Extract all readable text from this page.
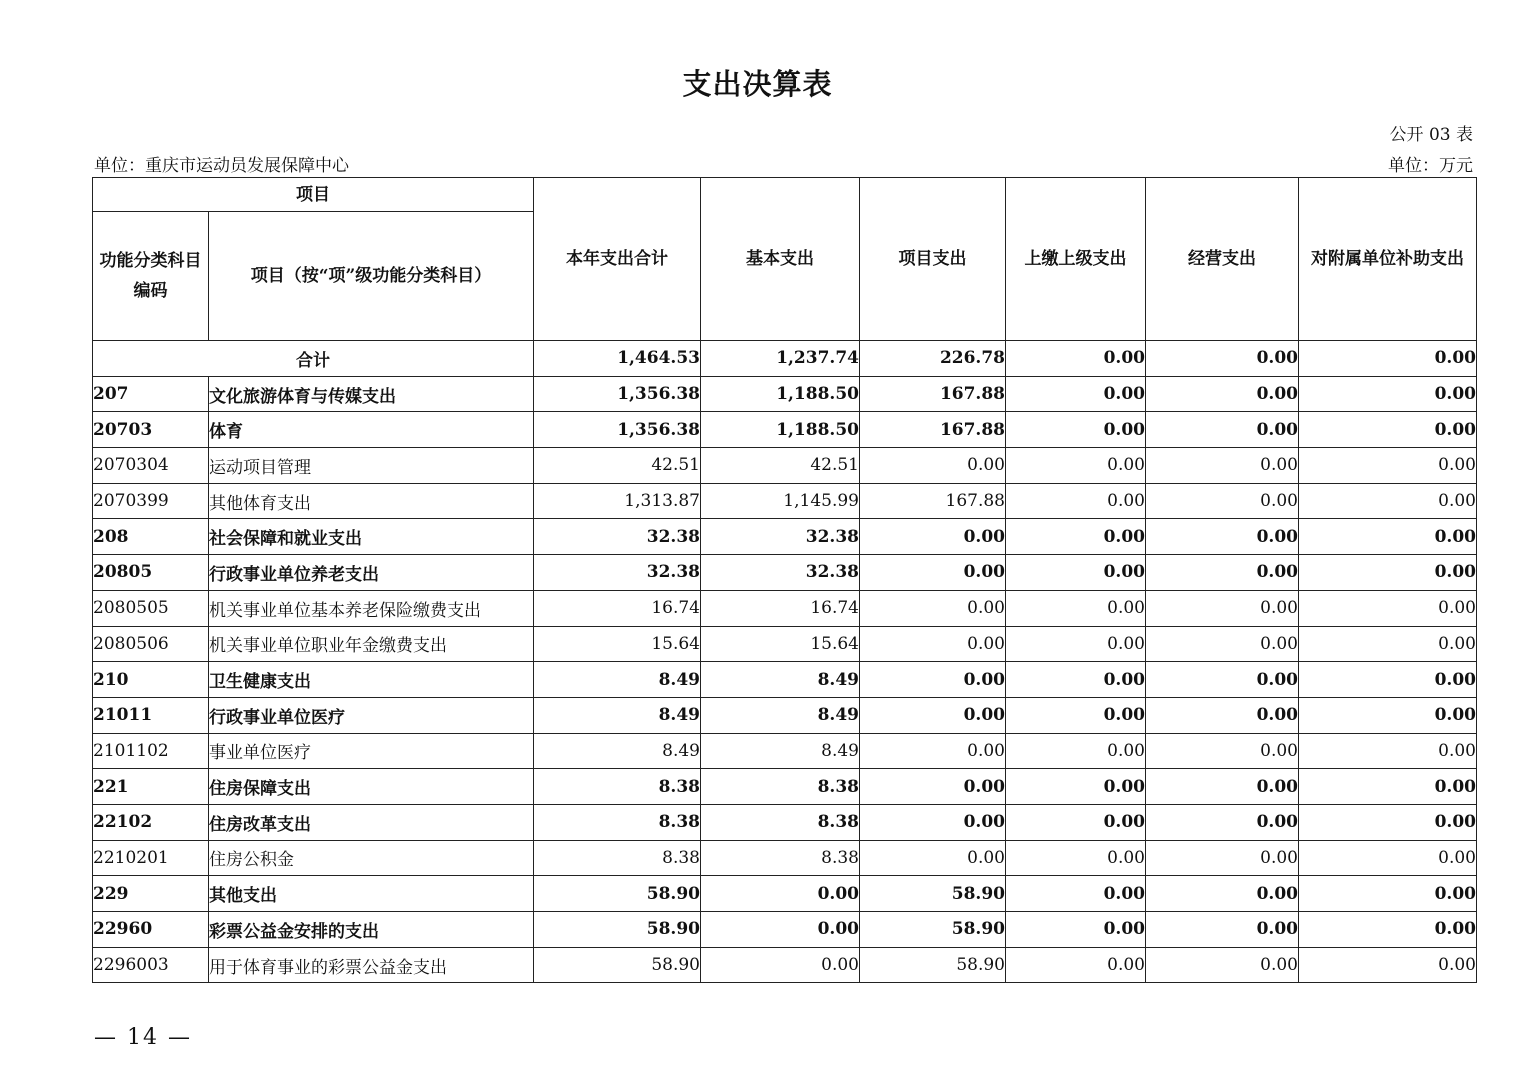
支出决算表
公开 03 表
单位：重庆市运动员发展保障中心	单位：万元
项目		本年支出合计	基本支出	项目支出	上缴上级支出	经营支出	对附属单位补助支出
功能分类科目编码	项目（按“项”级功能分类科目）						
合计		1,464.53	1,237.74	226.78	0.00	0.00	0.00
207	文化旅游体育与传媒支出	1,356.38	1,188.50	167.88	0.00	0.00	0.00
20703	体育	1,356.38	1,188.50	167.88	0.00	0.00	0.00
2070304	运动项目管理	42.51	42.51	0.00	0.00	0.00	0.00
2070399	其他体育支出	1,313.87	1,145.99	167.88	0.00	0.00	0.00
208	社会保障和就业支出	32.38	32.38	0.00	0.00	0.00	0.00
20805	行政事业单位养老支出	32.38	32.38	0.00	0.00	0.00	0.00
2080505	机关事业单位基本养老保险缴费支出	16.74	16.74	0.00	0.00	0.00	0.00
2080506	机关事业单位职业年金缴费支出	15.64	15.64	0.00	0.00	0.00	0.00
210	卫生健康支出	8.49	8.49	0.00	0.00	0.00	0.00
21011	行政事业单位医疗	8.49	8.49	0.00	0.00	0.00	0.00
2101102	事业单位医疗	8.49	8.49	0.00	0.00	0.00	0.00
221	住房保障支出	8.38	8.38	0.00	0.00	0.00	0.00
22102	住房改革支出	8.38	8.38	0.00	0.00	0.00	0.00
2210201	住房公积金	8.38	8.38	0.00	0.00	0.00	0.00
229	其他支出	58.90	0.00	58.90	0.00	0.00	0.00
22960	彩票公益金安排的支出	58.90	0.00	58.90	0.00	0.00	0.00
2296003	用于体育事业的彩票公益金支出	58.90	0.00	58.90	0.00	0.00	0.00
— 14 —
